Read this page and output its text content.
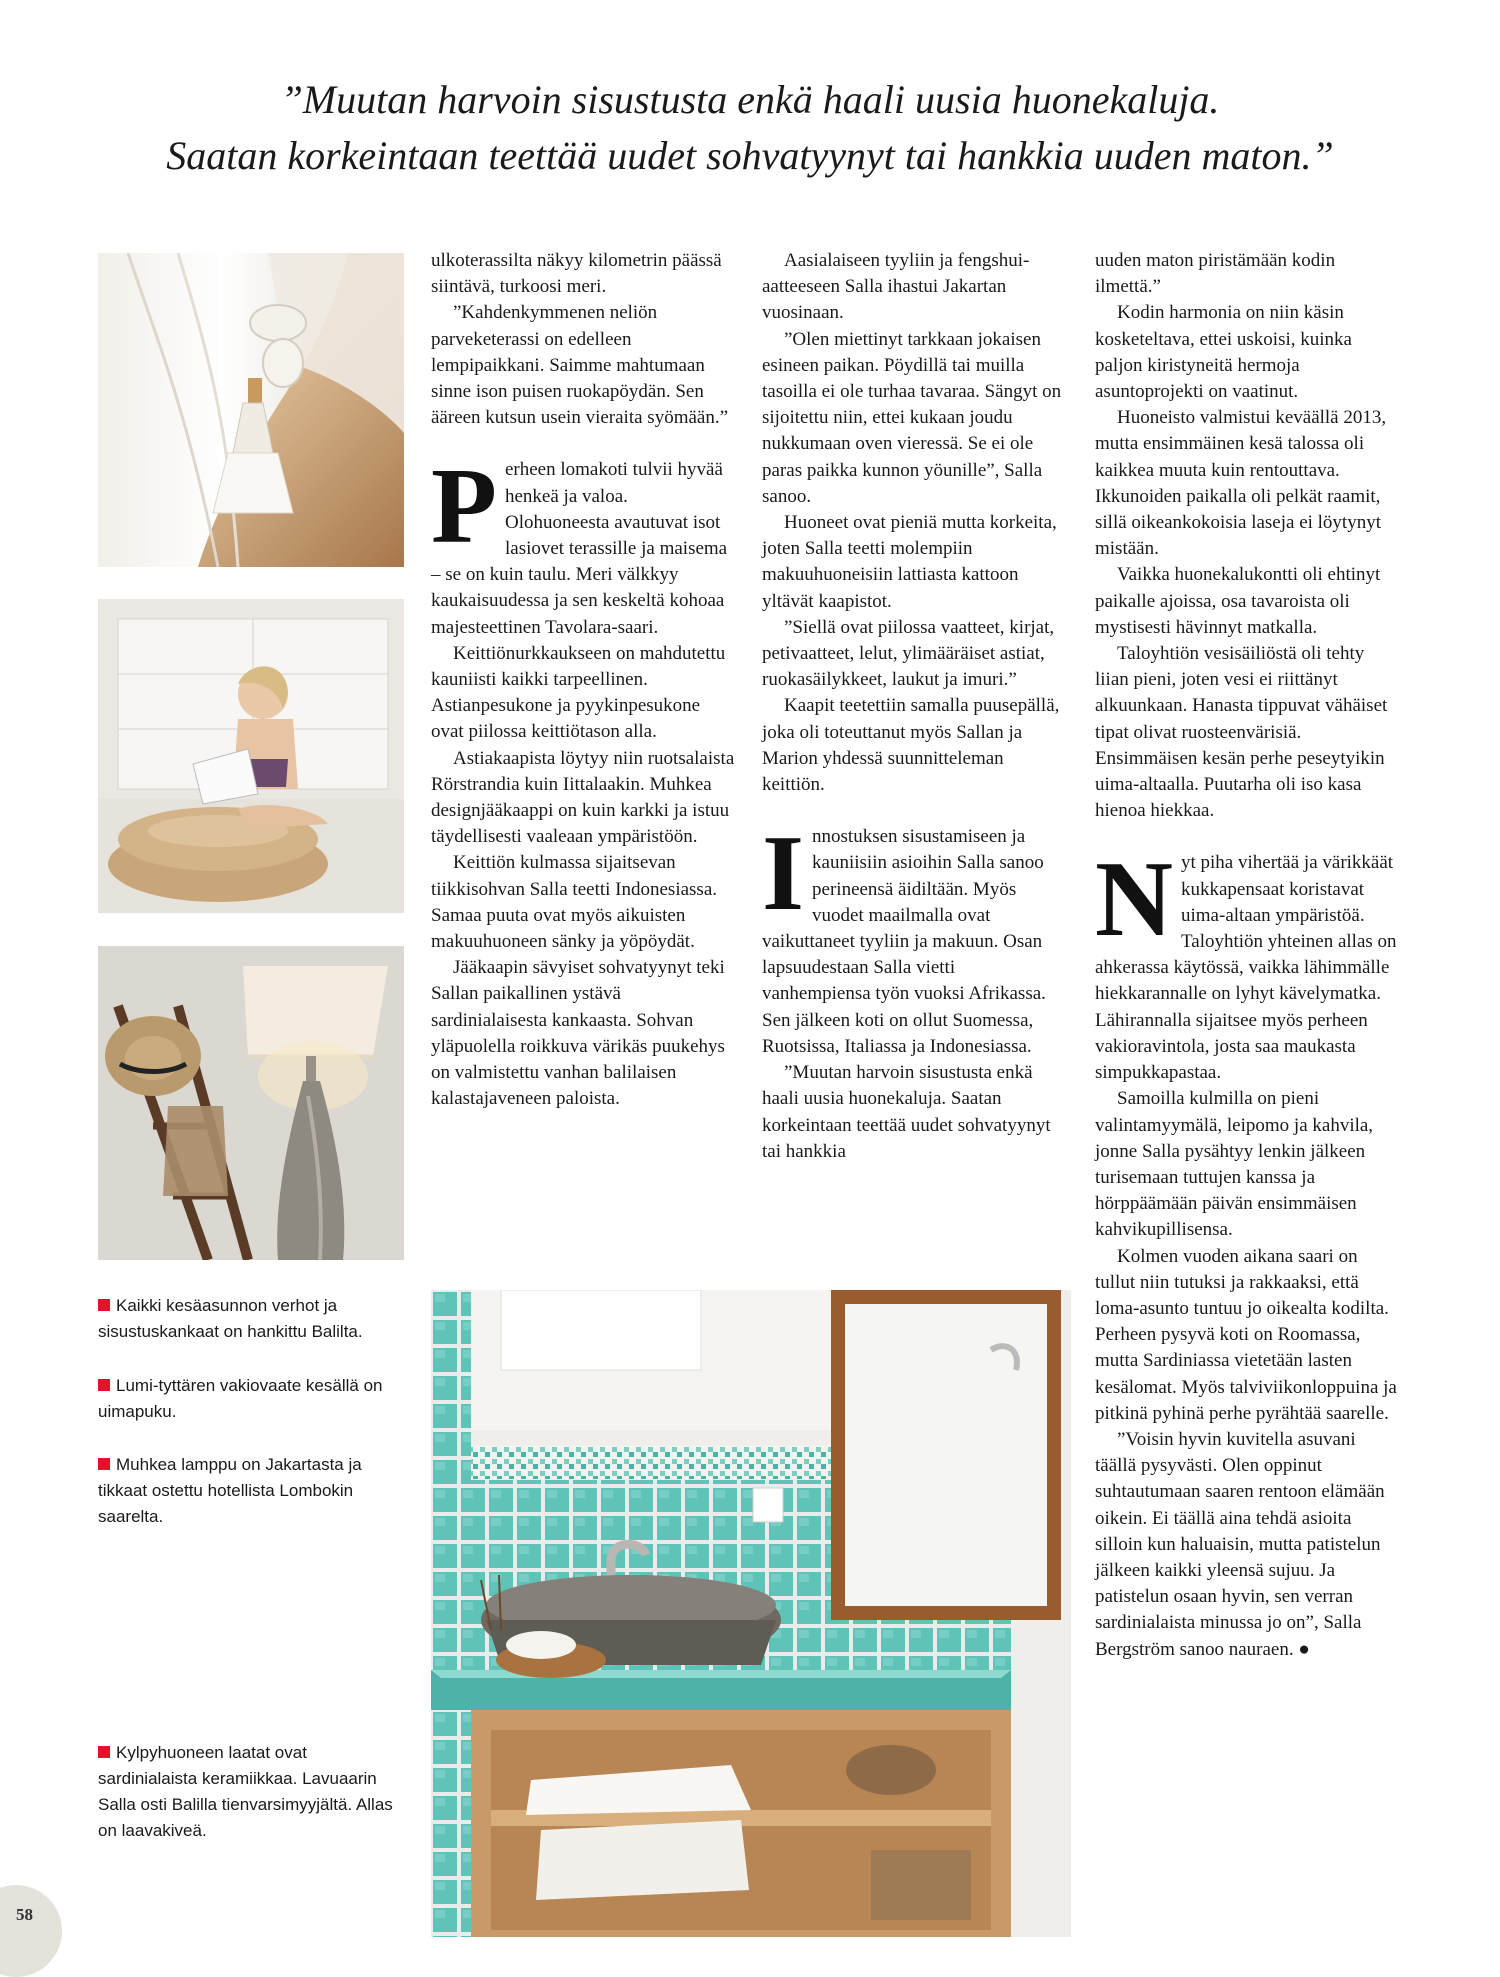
”Muutan harvoin sisustusta enkä haali uusia huonekaluja.
Saatan korkeintaan teettää uudet sohvatyynyt tai hankkia uuden maton.”
Kaikki kesäasunnon verhot ja sisustuskankaat on hankittu Balilta.
Lumi-tyttären vakiovaate kesällä on uimapuku.
Muhkea lamppu on Jakartasta ja tikkaat ostettu hotellista Lombokin saarelta.
Kylpyhuoneen laatat ovat sardinialaista keramiikkaa. Lavuaarin Salla osti Balilla tienvarsimyyjältä. Allas on laavakiveä.

ulkoterassilta näkyy kilometrin päässä siintävä, turkoosi meri.

”Kahdenkymmenen neliön parveketerassi on edelleen lempipaikkani. Saimme mahtumaan sinne ison puisen ruokapöydän. Sen ääreen kutsun usein vieraita syömään.”

Perheen lomakoti tulvii hyvää henkeä ja valoa. Olohuoneesta avautuvat isot lasiovet terassille ja maisema – se on kuin taulu. Meri välkkyy kaukaisuudessa ja sen keskeltä kohoaa majesteettinen Tavolara-saari.

Keittiönurkkaukseen on mahdutettu kauniisti kaikki tarpeellinen. Astianpesukone ja pyykinpesukone ovat piilossa keittiötason alla.

Astiakaapista löytyy niin ruotsalaista Rörstrandia kuin Iittalaakin. Muhkea designjääkaappi on kuin karkki ja istuu täydellisesti vaaleaan ympäristöön.

Keittiön kulmassa sijaitsevan tiikkisohvan Salla teetti Indonesiassa. Samaa puuta ovat myös aikuisten makuuhuoneen sänky ja yöpöydät.

Jääkaapin sävyiset sohvatyynyt teki Sallan paikallinen ystävä sardinialaisesta kankaasta. Sohvan yläpuolella roikkuva värikäs puukehys on valmistettu vanhan balilaisen kalastajaveneen paloista.

Aasialaiseen tyyliin ja fengshui-aatteeseen Salla ihastui Jakartan vuosinaan.

”Olen miettinyt tarkkaan jokaisen esineen paikan. Pöydillä tai muilla tasoilla ei ole turhaa tavaraa. Sängyt on sijoitettu niin, ettei kukaan joudu nukkumaan oven vieressä. Se ei ole paras paikka kunnon yöunille”, Salla sanoo.

Huoneet ovat pieniä mutta korkeita, joten Salla teetti molempiin makuuhuoneisiin lattiasta kattoon yltävät kaapistot.

”Siellä ovat piilossa vaatteet, kirjat, petivaatteet, lelut, ylimääräiset astiat, ruokasäilykkeet, laukut ja imuri.”

Kaapit teetettiin samalla puusepällä, joka oli toteuttanut myös Sallan ja Marion yhdessä suunnitteleman keittiön.

Innostuksen sisustamiseen ja kauniisiin asioihin Salla sanoo perineensä äidiltään. Myös vuodet maailmalla ovat vaikuttaneet tyyliin ja makuun. Osan lapsuudestaan Salla vietti vanhempiensa työn vuoksi Afrikassa. Sen jälkeen koti on ollut Suomessa, Ruotsissa, Italiassa ja Indonesiassa.

”Muutan harvoin sisustusta enkä haali uusia huonekaluja. Saatan korkeintaan teettää uudet sohvatyynyt tai hankkia

uuden maton piristämään kodin ilmettä.”

Kodin harmonia on niin käsin kosketeltava, ettei uskoisi, kuinka paljon kiristyneitä hermoja asuntoprojekti on vaatinut.

Huoneisto valmistui keväällä 2013, mutta ensimmäinen kesä talossa oli kaikkea muuta kuin rentouttava. Ikkunoiden paikalla oli pelkät raamit, sillä oikeankokoisia laseja ei löytynyt mistään.

Vaikka huonekalukontti oli ehtinyt paikalle ajoissa, osa tavaroista oli mystisesti hävinnyt matkalla.

Taloyhtiön vesisäiliöstä oli tehty liian pieni, joten vesi ei riittänyt alkuunkaan. Hanasta tippuvat vähäiset tipat olivat ruosteenvärisiä. Ensimmäisen kesän perhe peseytyikin uima-altaalla. Puutarha oli iso kasa hienoa hiekkaa.

Nyt piha vihertää ja värikkäät kukkapensaat koristavat uima-altaan ympäristöä. Taloyhtiön yhteinen allas on ahkerassa käytössä, vaikka lähimmälle hiekkarannalle on lyhyt kävelymatka. Lähirannalla sijaitsee myös perheen vakioravintola, josta saa maukasta simpukkapastaa.

Samoilla kulmilla on pieni valintamyymälä, leipomo ja kahvila, jonne Salla pysähtyy lenkin jälkeen turisemaan tuttujen kanssa ja hörppäämään päivän ensimmäisen kahvikupillisensa.

Kolmen vuoden aikana saari on tullut niin tutuksi ja rakkaaksi, että loma-asunto tuntuu jo oikealta kodilta. Perheen pysyvä koti on Roomassa, mutta Sardiniassa vietetään lasten kesälomat. Myös talviviikonloppuina ja pitkinä pyhinä perhe pyrähtää saarelle.

”Voisin hyvin kuvitella asuvani täällä pysyvästi. Olen oppinut suhtautumaan saaren rentoon elämään oikein. Ei täällä aina tehdä asioita silloin kun haluaisin, mutta patistelun jälkeen kaikki yleensä sujuu. Ja patistelun osaan hyvin, sen verran sardinialaista minussa jo on”, Salla Bergström sanoo nauraen. ●

58
